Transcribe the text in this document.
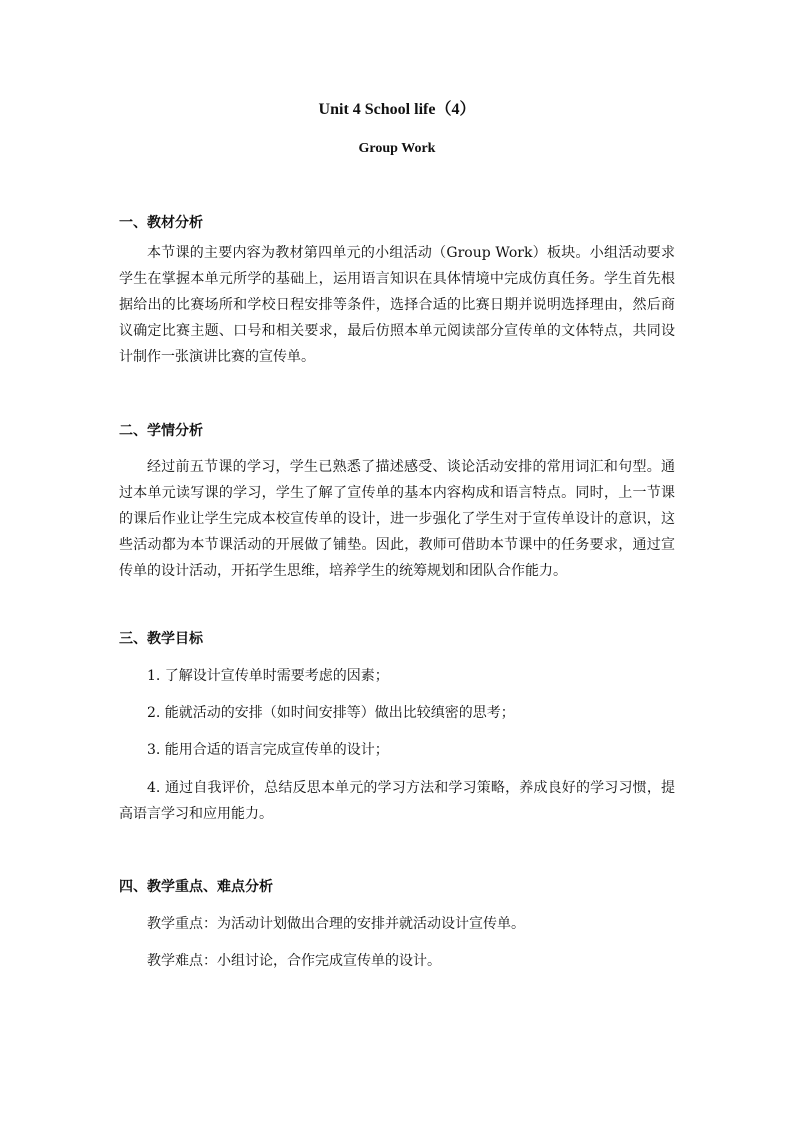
Unit 4 School life（4）
Group Work
一、教材分析
本节课的主要内容为教材第四单元的小组活动（Group Work）板块。小组活动要求学生在掌握本单元所学的基础上，运用语言知识在具体情境中完成仿真任务。学生首先根据给出的比赛场所和学校日程安排等条件，选择合适的比赛日期并说明选择理由，然后商议确定比赛主题、口号和相关要求，最后仿照本单元阅读部分宣传单的文体特点，共同设计制作一张演讲比赛的宣传单。
二、学情分析
经过前五节课的学习，学生已熟悉了描述感受、谈论活动安排的常用词汇和句型。通过本单元读写课的学习，学生了解了宣传单的基本内容构成和语言特点。同时，上一节课的课后作业让学生完成本校宣传单的设计，进一步强化了学生对于宣传单设计的意识，这些活动都为本节课活动的开展做了铺垫。因此，教师可借助本节课中的任务要求，通过宣传单的设计活动，开拓学生思维，培养学生的统筹规划和团队合作能力。
三、教学目标
1. 了解设计宣传单时需要考虑的因素；
2. 能就活动的安排（如时间安排等）做出比较缜密的思考；
3. 能用合适的语言完成宣传单的设计；
4. 通过自我评价，总结反思本单元的学习方法和学习策略，养成良好的学习习惯，提高语言学习和应用能力。
四、教学重点、难点分析
教学重点：为活动计划做出合理的安排并就活动设计宣传单。
教学难点：小组讨论，合作完成宣传单的设计。
